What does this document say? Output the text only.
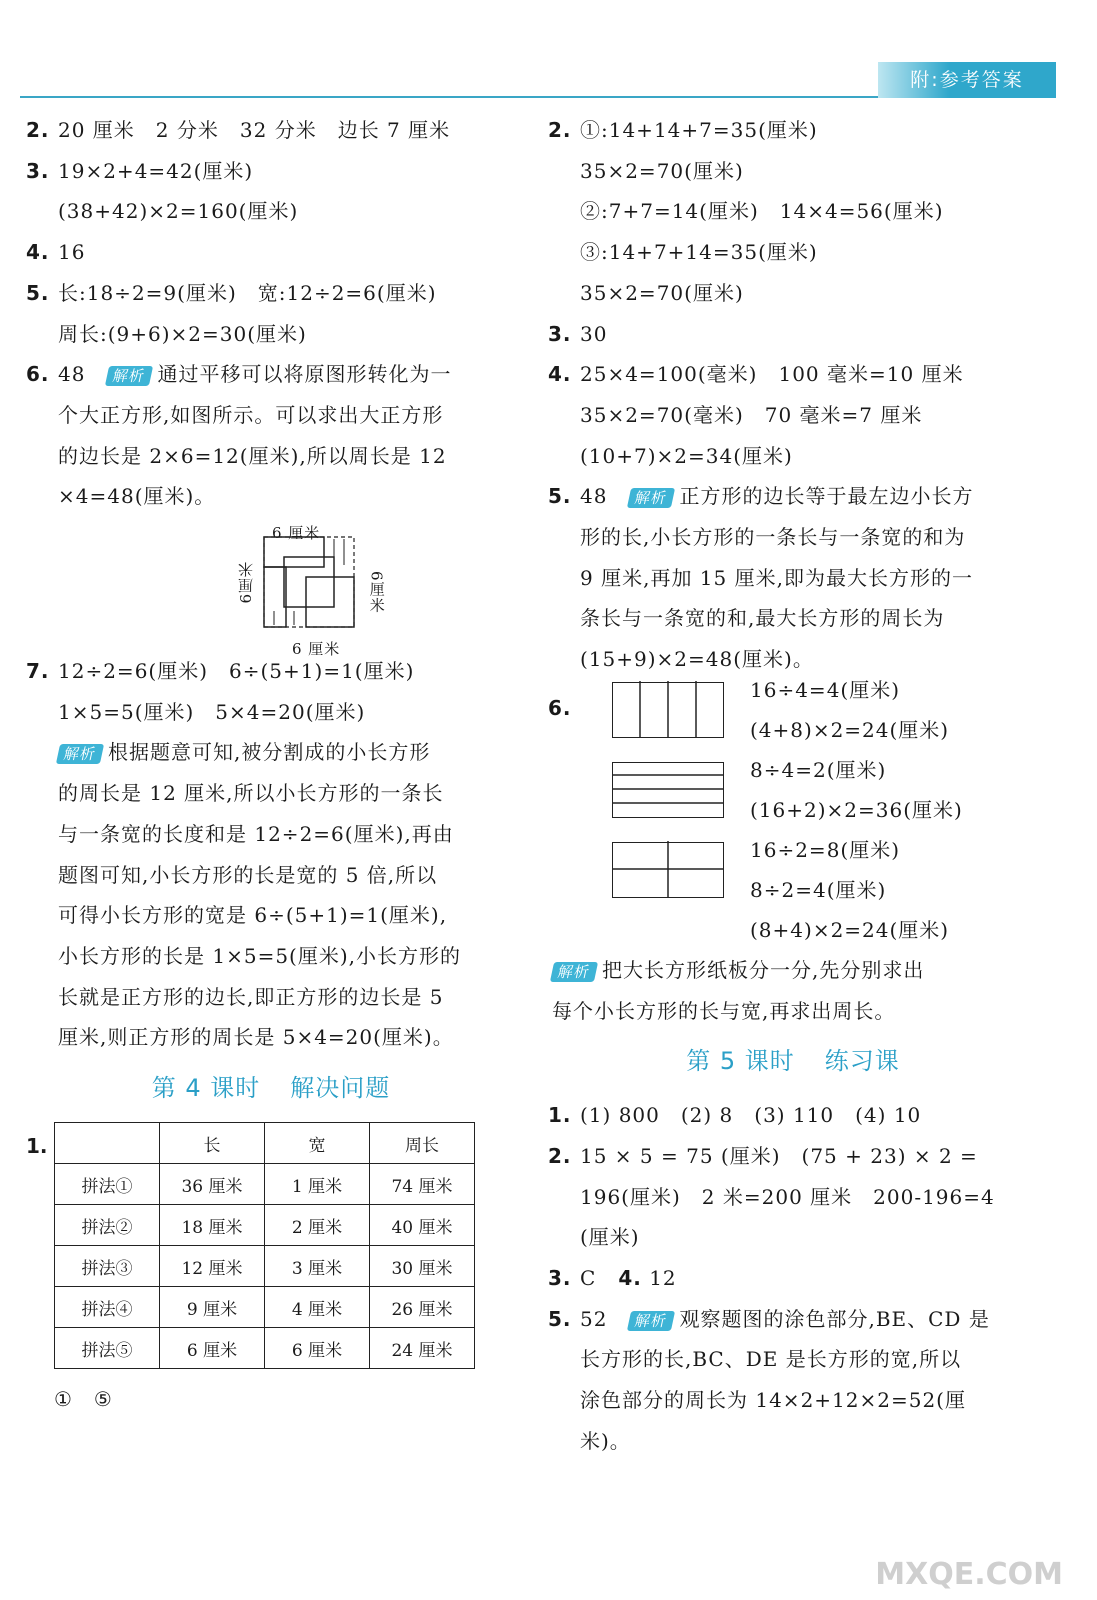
附:参考答案
2. 20 厘米　2 分米　32 分米　边长 7 厘米
3. 19×2+4=42(厘米)
(38+42)×2=160(厘米)
4. 16
5. 长:18÷2=9(厘米)　宽:12÷2=6(厘米)
周长:(9+6)×2=30(厘米)
6. 48 解析 通过平移可以将原图形转化为一
个大正方形,如图所示。可以求出大正方形
的边长是 2×6=12(厘米),所以周长是 12
×4=48(厘米)。
6 厘米
6 厘米
6厘米	6厘米
7. 12÷2=6(厘米)　6÷(5+1)=1(厘米)
1×5=5(厘米)　5×4=20(厘米)
解析 根据题意可知,被分割成的小长方形
的周长是 12 厘米,所以小长方形的一条长
与一条宽的长度和是 12÷2=6(厘米),再由
题图可知,小长方形的长是宽的 5 倍,所以
可得小长方形的宽是 6÷(5+1)=1(厘米),
小长方形的长是 1×5=5(厘米),小长方形的
长就是正方形的边长,即正方形的边长是 5
厘米,则正方形的周长是 5×4=20(厘米)。
第 4 课时 解决问题
1.
		长	宽	周长
拼法①	36 厘米	1 厘米	74 厘米
拼法②	18 厘米	2 厘米	40 厘米
拼法③	12 厘米	3 厘米	30 厘米
拼法④	9 厘米	4 厘米	26 厘米
拼法⑤	6 厘米	6 厘米	24 厘米
①　⑤
2. ①:14+14+7=35(厘米)
35×2=70(厘米)
②:7+7=14(厘米)　14×4=56(厘米)
③:14+7+14=35(厘米)
35×2=70(厘米)
3. 30
4. 25×4=100(毫米)　100 毫米=10 厘米
35×2=70(毫米)　70 毫米=7 厘米
(10+7)×2=34(厘米)
5. 48 解析 正方形的边长等于最左边小长方
形的长,小长方形的一条长与一条宽的和为
9 厘米,再加 15 厘米,即为最大长方形的一
条长与一条宽的和,最大长方形的周长为
(15+9)×2=48(厘米)。
6.
16÷4=4(厘米)
(4+8)×2=24(厘米)
8÷4=2(厘米)
(16+2)×2=36(厘米)
16÷2=8(厘米)
8÷2=4(厘米)
(8+4)×2=24(厘米)
解析 把大长方形纸板分一分,先分别求出
每个小长方形的长与宽,再求出周长。
第 5 课时 练习课
1. (1) 800　(2) 8　(3) 110　(4) 10
2. 15 × 5 = 75 (厘米)　(75 + 23) × 2 =
196(厘米)　2 米=200 厘米　200-196=4
(厘米)
3. C 4. 12
5. 52 解析 观察题图的涂色部分,BE、CD 是
长方形的长,BC、DE 是长方形的宽,所以
涂色部分的周长为 14×2+12×2=52(厘
米)。
MXQE.COM
